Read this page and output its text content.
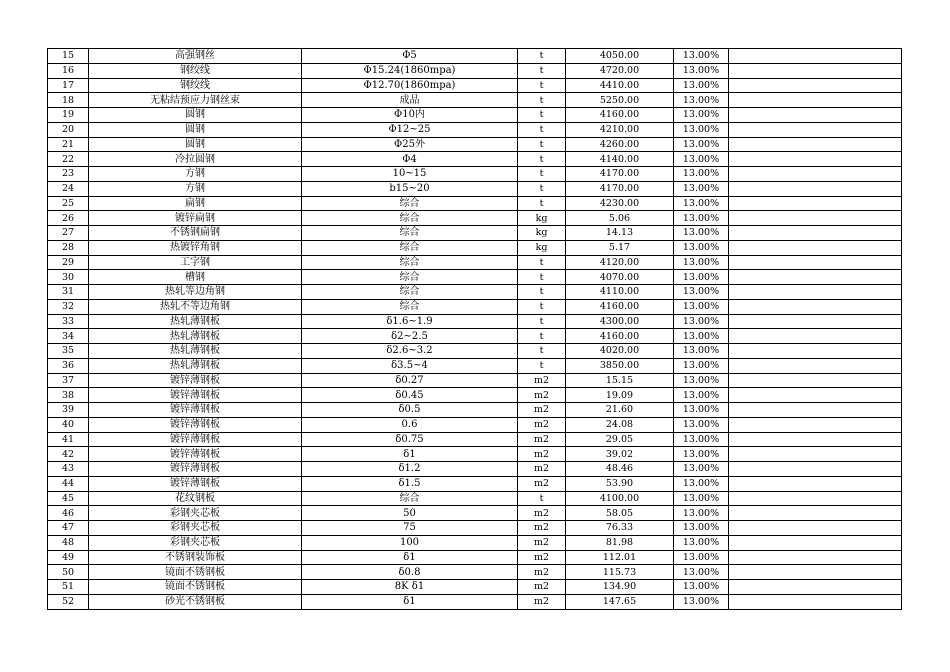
15	高强钢丝	Φ5	t	4050.00	13.00%	
16	钢绞线	Φ15.24(1860mpa)	t	4720.00	13.00%	
17	钢绞线	Φ12.70(1860mpa)	t	4410.00	13.00%	
18	无粘结预应力钢丝束	成品	t	5250.00	13.00%	
19	圆钢	Φ10内	t	4160.00	13.00%	
20	圆钢	Φ12~25	t	4210.00	13.00%	
21	圆钢	Φ25外	t	4260.00	13.00%	
22	冷拉圆钢	Φ4	t	4140.00	13.00%	
23	方钢	10~15	t	4170.00	13.00%	
24	方钢	b15~20	t	4170.00	13.00%	
25	扁钢	综合	t	4230.00	13.00%	
26	镀锌扁钢	综合	kg	5.06	13.00%	
27	不锈钢扁钢	综合	kg	14.13	13.00%	
28	热镀锌角钢	综合	kg	5.17	13.00%	
29	工字钢	综合	t	4120.00	13.00%	
30	槽钢	综合	t	4070.00	13.00%	
31	热轧等边角钢	综合	t	4110.00	13.00%	
32	热轧不等边角钢	综合	t	4160.00	13.00%	
33	热轧薄钢板	δ1.6~1.9	t	4300.00	13.00%	
34	热轧薄钢板	δ2~2.5	t	4160.00	13.00%	
35	热轧薄钢板	δ2.6~3.2	t	4020.00	13.00%	
36	热轧薄钢板	δ3.5~4	t	3850.00	13.00%	
37	镀锌薄钢板	δ0.27	m2	15.15	13.00%	
38	镀锌薄钢板	δ0.45	m2	19.09	13.00%	
39	镀锌薄钢板	δ0.5	m2	21.60	13.00%	
40	镀锌薄钢板	0.6	m2	24.08	13.00%	
41	镀锌薄钢板	δ0.75	m2	29.05	13.00%	
42	镀锌薄钢板	δ1	m2	39.02	13.00%	
43	镀锌薄钢板	δ1.2	m2	48.46	13.00%	
44	镀锌薄钢板	δ1.5	m2	53.90	13.00%	
45	花纹钢板	综合	t	4100.00	13.00%	
46	彩钢夹芯板	50	m2	58.05	13.00%	
47	彩钢夹芯板	75	m2	76.33	13.00%	
48	彩钢夹芯板	100	m2	81.98	13.00%	
49	不锈钢装饰板	δ1	m2	112.01	13.00%	
50	镜面不锈钢板	δ0.8	m2	115.73	13.00%	
51	镜面不锈钢板	8K δ1	m2	134.90	13.00%	
52	砂光不锈钢板	δ1	m2	147.65	13.00%	
